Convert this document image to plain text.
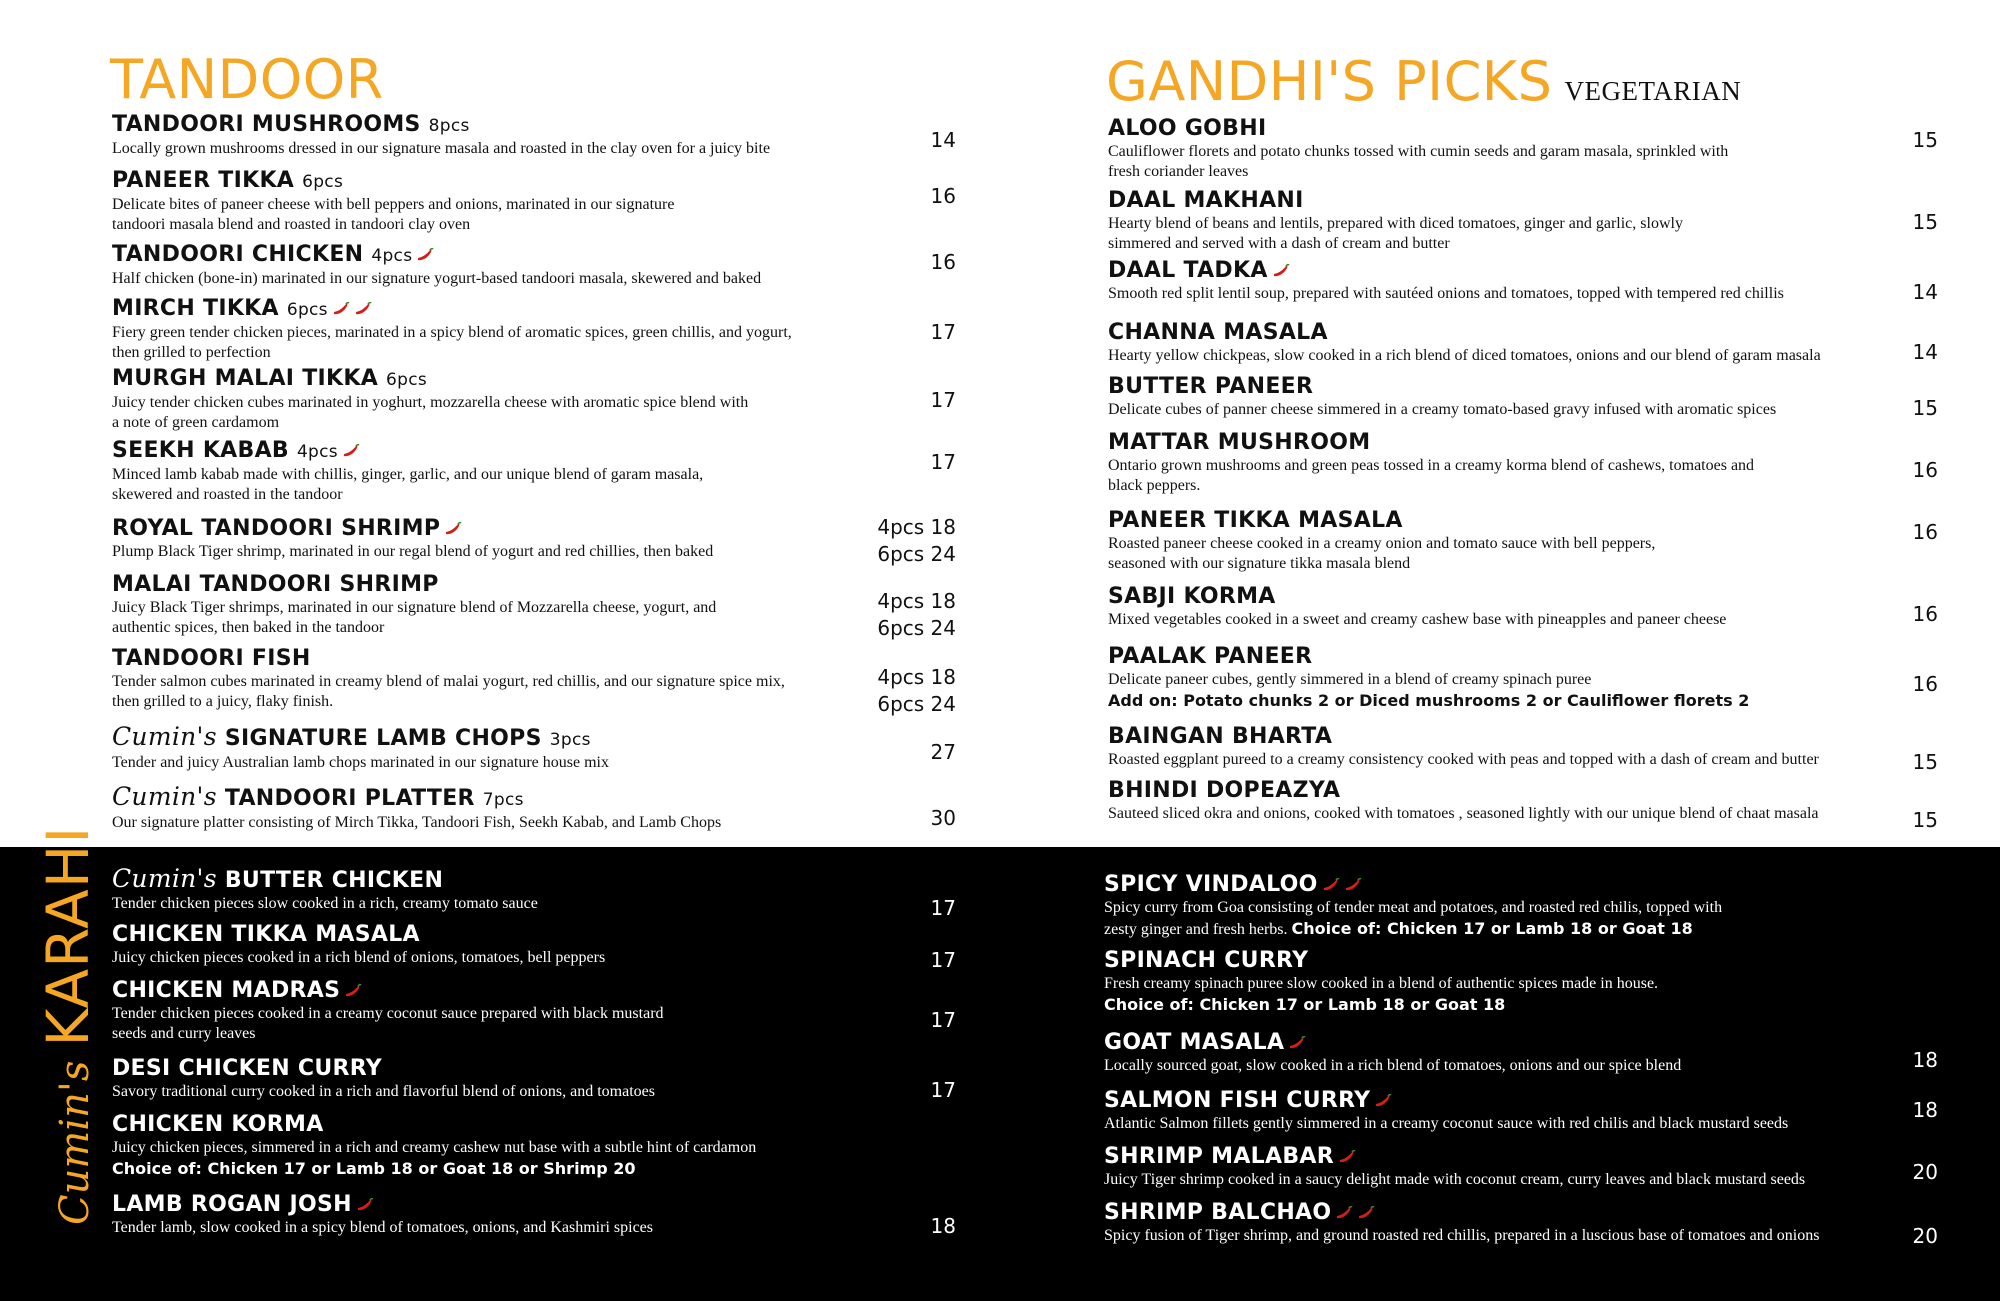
TANDOOR	GANDHI'S PICKS VEGETARIAN
Cumin'sKARAHI
TANDOORI MUSHROOMS 8pcs
Locally grown mushrooms dressed in our signature masala and roasted in the clay oven for a juicy bite	14
PANEER TIKKA 6pcs
Delicate bites of paneer cheese with bell peppers and onions, marinated in our signature
tandoori masala blend and roasted in tandoori clay oven
16
TANDOORI CHICKEN 4pcs
Half chicken (bone-in) marinated in our signature yogurt-based tandoori masala, skewered and baked
16
MIRCH TIKKA 6pcs
Fiery green tender chicken pieces, marinated in a spicy blend of aromatic spices, green chillis, and yogurt,
then grilled to perfection
17
MURGH MALAI TIKKA 6pcs
Juicy tender chicken cubes marinated in yoghurt, mozzarella cheese with aromatic spice blend with
a note of green cardamom
17
SEEKH KABAB 4pcs
Minced lamb kabab made with chillis, ginger, garlic, and our unique blend of garam masala,
skewered and roasted in the tandoor
17
ROYAL TANDOORI SHRIMP
Plump Black Tiger shrimp, marinated in our regal blend of yogurt and red chillies, then baked
4pcs 18
6pcs 24
MALAI TANDOORI SHRIMP
Juicy Black Tiger shrimps, marinated in our signature blend of Mozzarella cheese, yogurt, and
authentic spices, then baked in the tandoor
4pcs 18
6pcs 24
TANDOORI FISH
Tender salmon cubes marinated in creamy blend of malai yogurt, red chillis, and our signature spice mix,
then grilled to a juicy, flaky finish.
4pcs 18
6pcs 24
Cumin's SIGNATURE LAMB CHOPS 3pcs
Tender and juicy Australian lamb chops marinated in our signature house mix	27
Cumin's TANDOORI PLATTER 7pcs
Our signature platter consisting of Mirch Tikka, Tandoori Fish, Seekh Kabab, and Lamb Chops	30
ALOO GOBHI
Cauliflower florets and potato chunks tossed with cumin seeds and garam masala, sprinkled with
fresh coriander leaves
15
DAAL MAKHANI
Hearty blend of beans and lentils, prepared with diced tomatoes, ginger and garlic, slowly
simmered and served with a dash of cream and butter
15
DAAL TADKA
Smooth red split lentil soup, prepared with sautéed onions and tomatoes, topped with tempered red chillis	14
CHANNA MASALA
Hearty yellow chickpeas, slow cooked in a rich blend of diced tomatoes, onions and our blend of garam masala	14
BUTTER PANEER
Delicate cubes of panner cheese simmered in a creamy tomato-based gravy infused with aromatic spices	15
MATTAR MUSHROOM
Ontario grown mushrooms and green peas tossed in a creamy korma blend of cashews, tomatoes and
black peppers.
16
PANEER TIKKA MASALA
Roasted paneer cheese cooked in a creamy onion and tomato sauce with bell peppers,
seasoned with our signature tikka masala blend
16
SABJI KORMA
Mixed vegetables cooked in a sweet and creamy cashew base with pineapples and paneer cheese	16
PAALAK PANEER
Delicate paneer cubes, gently simmered in a blend of creamy spinach puree
Add on: Potato chunks 2 or Diced mushrooms 2 or Cauliflower florets 2
16
BAINGAN BHARTA
Roasted eggplant pureed to a creamy consistency cooked with peas and topped with a dash of cream and butter	15
BHINDI DOPEAZYA
Sauteed sliced okra and onions, cooked with tomatoes , seasoned lightly with our unique blend of chaat masala	15
Cumin's BUTTER CHICKEN
Tender chicken pieces slow cooked in a rich, creamy tomato sauce	17
CHICKEN TIKKA MASALA
Juicy chicken pieces cooked in a rich blend of onions, tomatoes, bell peppers	17
CHICKEN MADRAS
Tender chicken pieces cooked in a creamy coconut sauce prepared with black mustard
seeds and curry leaves
17
DESI CHICKEN CURRY
Savory traditional curry cooked in a rich and flavorful blend of onions, and tomatoes	17
CHICKEN KORMA
Juicy chicken pieces, simmered in a rich and creamy cashew nut base with a subtle hint of cardamon
Choice of: Chicken 17 or Lamb 18 or Goat 18 or Shrimp 20
LAMB ROGAN JOSH
Tender lamb, slow cooked in a spicy blend of tomatoes, onions, and Kashmiri spices	18
SPICY VINDALOO
Spicy curry from Goa consisting of tender meat and potatoes, and roasted red chilis, topped with
zesty ginger and fresh herbs. Choice of: Chicken 17 or Lamb 18 or Goat 18
SPINACH CURRY
Fresh creamy spinach puree slow cooked in a blend of authentic spices made in house.
Choice of: Chicken 17 or Lamb 18 or Goat 18
GOAT MASALA
Locally sourced goat, slow cooked in a rich blend of tomatoes, onions and our spice blend	18
SALMON FISH CURRY
Atlantic Salmon fillets gently simmered in a creamy coconut sauce with red chilis and black mustard seeds
18
SHRIMP MALABAR
Juicy Tiger shrimp cooked in a saucy delight made with coconut cream, curry leaves and black mustard seeds	20
SHRIMP BALCHAO
Spicy fusion of Tiger shrimp, and ground roasted red chillis, prepared in a luscious base of tomatoes and onions	20
